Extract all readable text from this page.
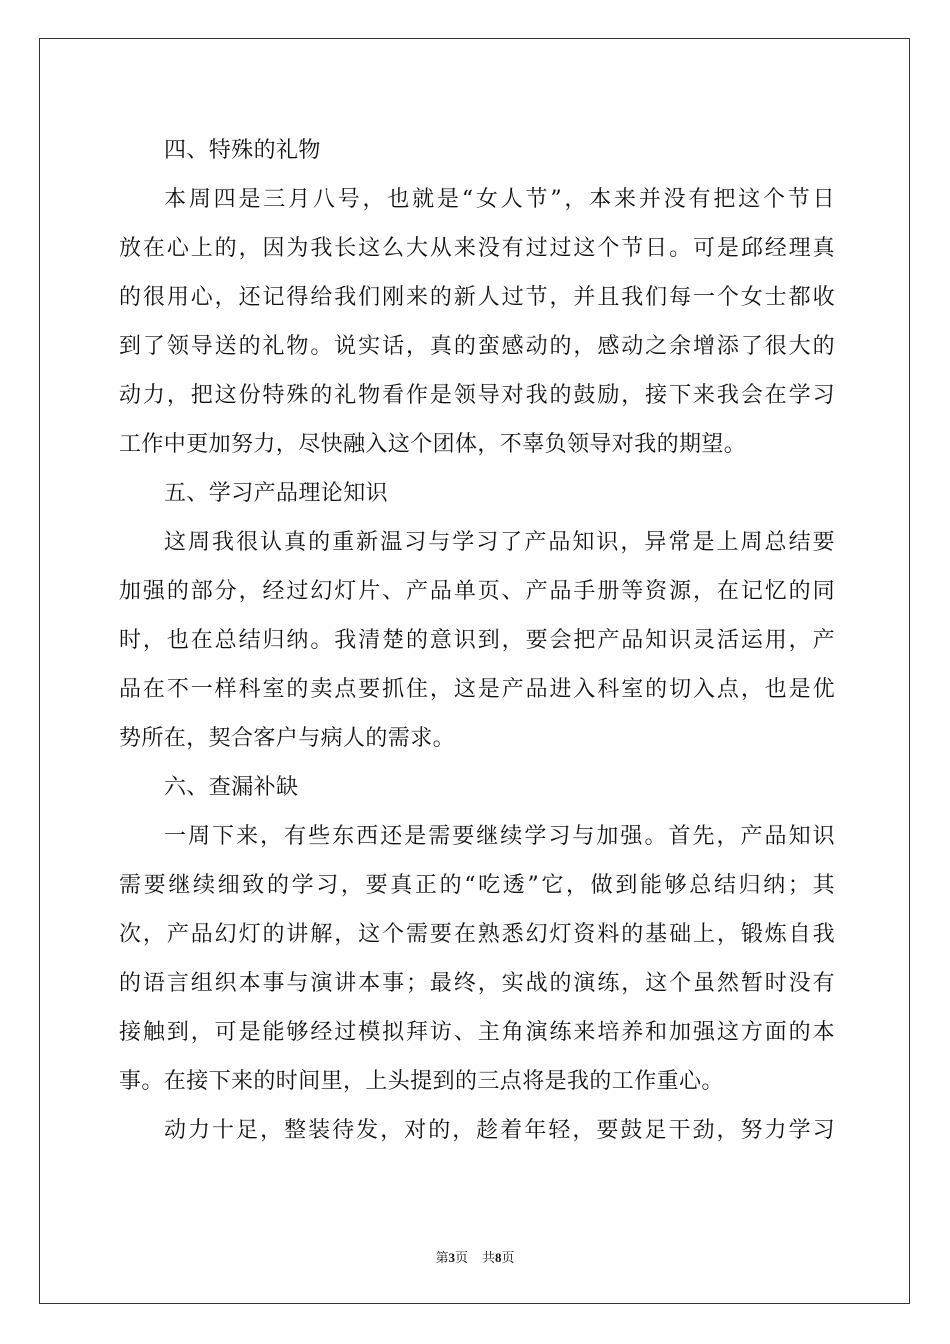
四、特殊的礼物
本周四是三月八号，也就是“女人节”，本来并没有把这个节日
放在心上的，因为我长这么大从来没有过过这个节日。可是邱经理真
的很用心，还记得给我们刚来的新人过节，并且我们每一个女士都收
到了领导送的礼物。说实话，真的蛮感动的，感动之余增添了很大的
动力，把这份特殊的礼物看作是领导对我的鼓励，接下来我会在学习
工作中更加努力，尽快融入这个团体，不辜负领导对我的期望。
五、学习产品理论知识
这周我很认真的重新温习与学习了产品知识，异常是上周总结要
加强的部分，经过幻灯片、产品单页、产品手册等资源，在记忆的同
时，也在总结归纳。我清楚的意识到，要会把产品知识灵活运用，产
品在不一样科室的卖点要抓住，这是产品进入科室的切入点，也是优
势所在，契合客户与病人的需求。
六、查漏补缺
一周下来，有些东西还是需要继续学习与加强。首先，产品知识
需要继续细致的学习，要真正的“吃透”它，做到能够总结归纳；其
次，产品幻灯的讲解，这个需要在熟悉幻灯资料的基础上，锻炼自我
的语言组织本事与演讲本事；最终，实战的演练，这个虽然暂时没有
接触到，可是能够经过模拟拜访、主角演练来培养和加强这方面的本
事。在接下来的时间里，上头提到的三点将是我的工作重心。
动力十足，整装待发，对的，趁着年轻，要鼓足干劲，努力学习
第3页 共8页
